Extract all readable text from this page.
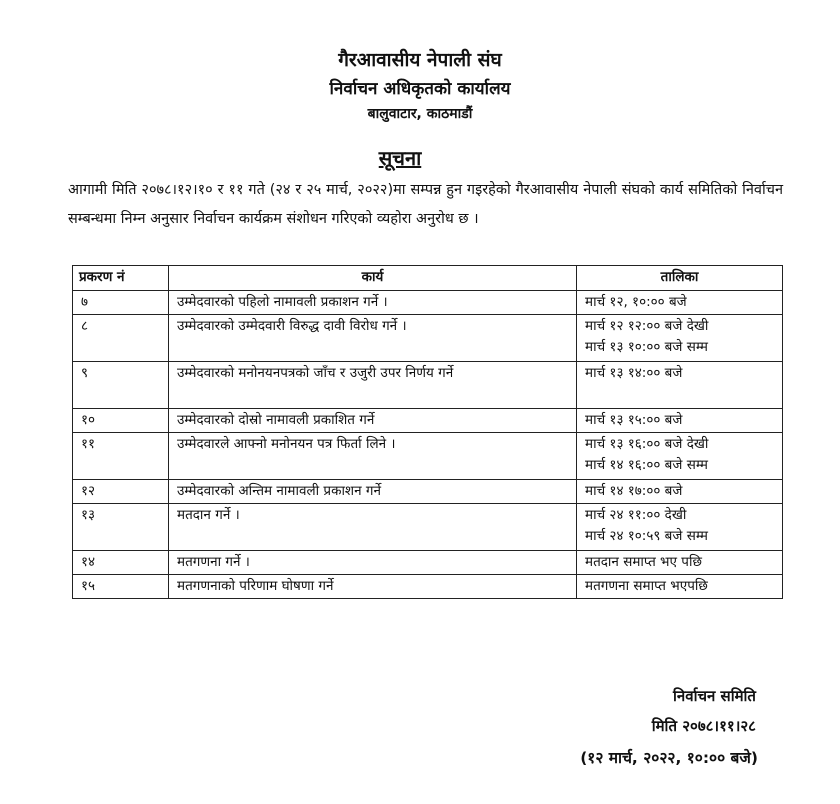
गैरआवासीय नेपाली संघ
निर्वाचन अधिकृतको कार्यालय
बालुवाटार, काठमाडौं
सूचना
आगामी मिति २०७८।१२।१० र ११ गते (२४ र २५ मार्च, २०२२)मा सम्पन्न हुन गइरहेको गैरआवासीय नेपाली संघको कार्य समितिको निर्वाचन सम्बन्धमा निम्न अनुसार निर्वाचन कार्यक्रम संशोधन गरिएको व्यहोरा अनुरोध छ ।
प्रकरण नं	कार्य	तालिका
७	उम्मेदवारको पहिलो नामावली प्रकाशन गर्ने ।	मार्च १२, १०:०० बजे

८	उम्मेदवारको उम्मेदवारी विरुद्ध दावी विरोध गर्ने ।	मार्च १२ १२:०० बजे देखी
मार्च १३ १०:०० बजे सम्म

९	उम्मेदवारको मनोनयनपत्रको जाँच र उजुरी उपर निर्णय गर्ने	मार्च १३ १४:०० बजे

१०	उम्मेदवारको दोस्रो नामावली प्रकाशित गर्ने	मार्च १३ १५:०० बजे

११	उम्मेदवारले आफ्नो मनोनयन पत्र फिर्ता लिने ।	मार्च १३ १६:०० बजे देखी
मार्च १४ १६:०० बजे सम्म

१२	उम्मेदवारको अन्तिम नामावली प्रकाशन गर्ने	मार्च १४ १७:०० बजे

१३	मतदान गर्ने ।	मार्च २४ ११:०० देखी
मार्च २४ १०:५९ बजे सम्म

१४	मतगणना गर्ने ।	मतदान समाप्त भए पछि

१५	मतगणनाको परिणाम घोषणा गर्ने	मतगणना समाप्त भएपछि
निर्वाचन समिति
मिति २०७८।११।२८
(१२ मार्च, २०२२, १०:०० बजे)
